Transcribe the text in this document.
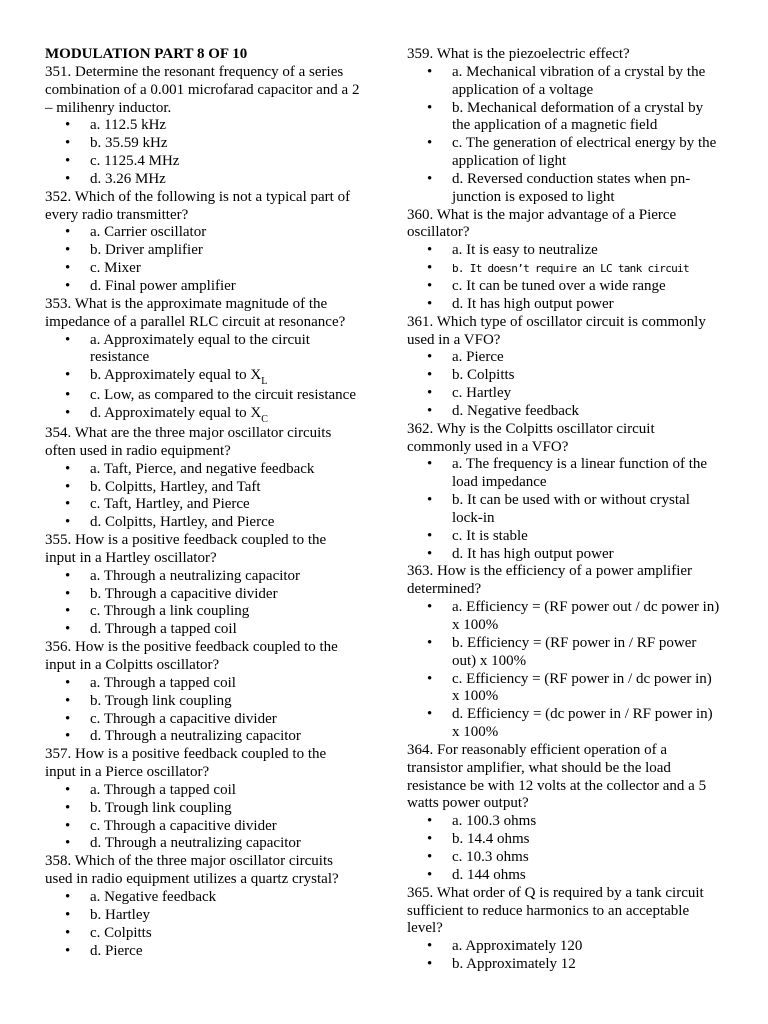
MODULATION PART 8 OF 10
351. Determine the resonant frequency of a series
combination of a 0.001 microfarad capacitor and a 2
– milihenry inductor.
•
a. 112.5 kHz
•
b. 35.59 kHz
•
c. 1125.4 MHz
•
d. 3.26 MHz
352. Which of the following is not a typical part of
every radio transmitter?
•
a. Carrier oscillator
•
b. Driver amplifier
•
c. Mixer
•
d. Final power amplifier
353. What is the approximate magnitude of the
impedance of a parallel RLC circuit at resonance?
•
a. Approximately equal to the circuit
resistance
•
b. Approximately equal to $X_L$
•
c. Low, as compared to the circuit resistance
•
d. Approximately equal to $X_C$
354. What are the three major oscillator circuits
often used in radio equipment?
•
a. Taft, Pierce, and negative feedback
•
b. Colpitts, Hartley, and Taft
•
c. Taft, Hartley, and Pierce
•
d. Colpitts, Hartley, and Pierce
355. How is a positive feedback coupled to the
input in a Hartley oscillator?
•
a. Through a neutralizing capacitor
•
b. Through a capacitive divider
•
c. Through a link coupling
•
d. Through a tapped coil
356. How is the positive feedback coupled to the
input in a Colpitts oscillator?
•
a. Through a tapped coil
•
b. Trough link coupling
•
c. Through a capacitive divider
•
d. Through a neutralizing capacitor
357. How is a positive feedback coupled to the
input in a Pierce oscillator?
•
a. Through a tapped coil
•
b. Trough link coupling
•
c. Through a capacitive divider
•
d. Through a neutralizing capacitor
358. Which of the three major oscillator circuits
used in radio equipment utilizes a quartz crystal?
•
a. Negative feedback
•
b. Hartley
•
c. Colpitts
•
d. Pierce
359. What is the piezoelectric effect?
•
a. Mechanical vibration of a crystal by the
application of a voltage
•
b. Mechanical deformation of a crystal by
the application of a magnetic field
•
c. The generation of electrical energy by the
application of light
•
d. Reversed conduction states when pn-
junction is exposed to light
360. What is the major advantage of a Pierce
oscillator?
•
a. It is easy to neutralize
•
b. It doesn’t require an LC tank circuit
•
c. It can be tuned over a wide range
•
d. It has high output power
361. Which type of oscillator circuit is commonly
used in a VFO?
•
a. Pierce
•
b. Colpitts
•
c. Hartley
•
d. Negative feedback
362. Why is the Colpitts oscillator circuit
commonly used in a VFO?
•
a. The frequency is a linear function of the
load impedance
•
b. It can be used with or without crystal
lock-in
•
c. It is stable
•
d. It has high output power
363. How is the efficiency of a power amplifier
determined?
•
a. Efficiency = (RF power out / dc power in)
x 100%
•
b. Efficiency = (RF power in / RF power
out) x 100%
•
c. Efficiency = (RF power in / dc power in)
x 100%
•
d. Efficiency = (dc power in / RF power in)
x 100%
364. For reasonably efficient operation of a
transistor amplifier, what should be the load
resistance be with 12 volts at the collector and a 5
watts power output?
•
a. 100.3 ohms
•
b. 14.4 ohms
•
c. 10.3 ohms
•
d. 144 ohms
365. What order of Q is required by a tank circuit
sufficient to reduce harmonics to an acceptable
level?
•
a. Approximately 120
•
b. Approximately 12
